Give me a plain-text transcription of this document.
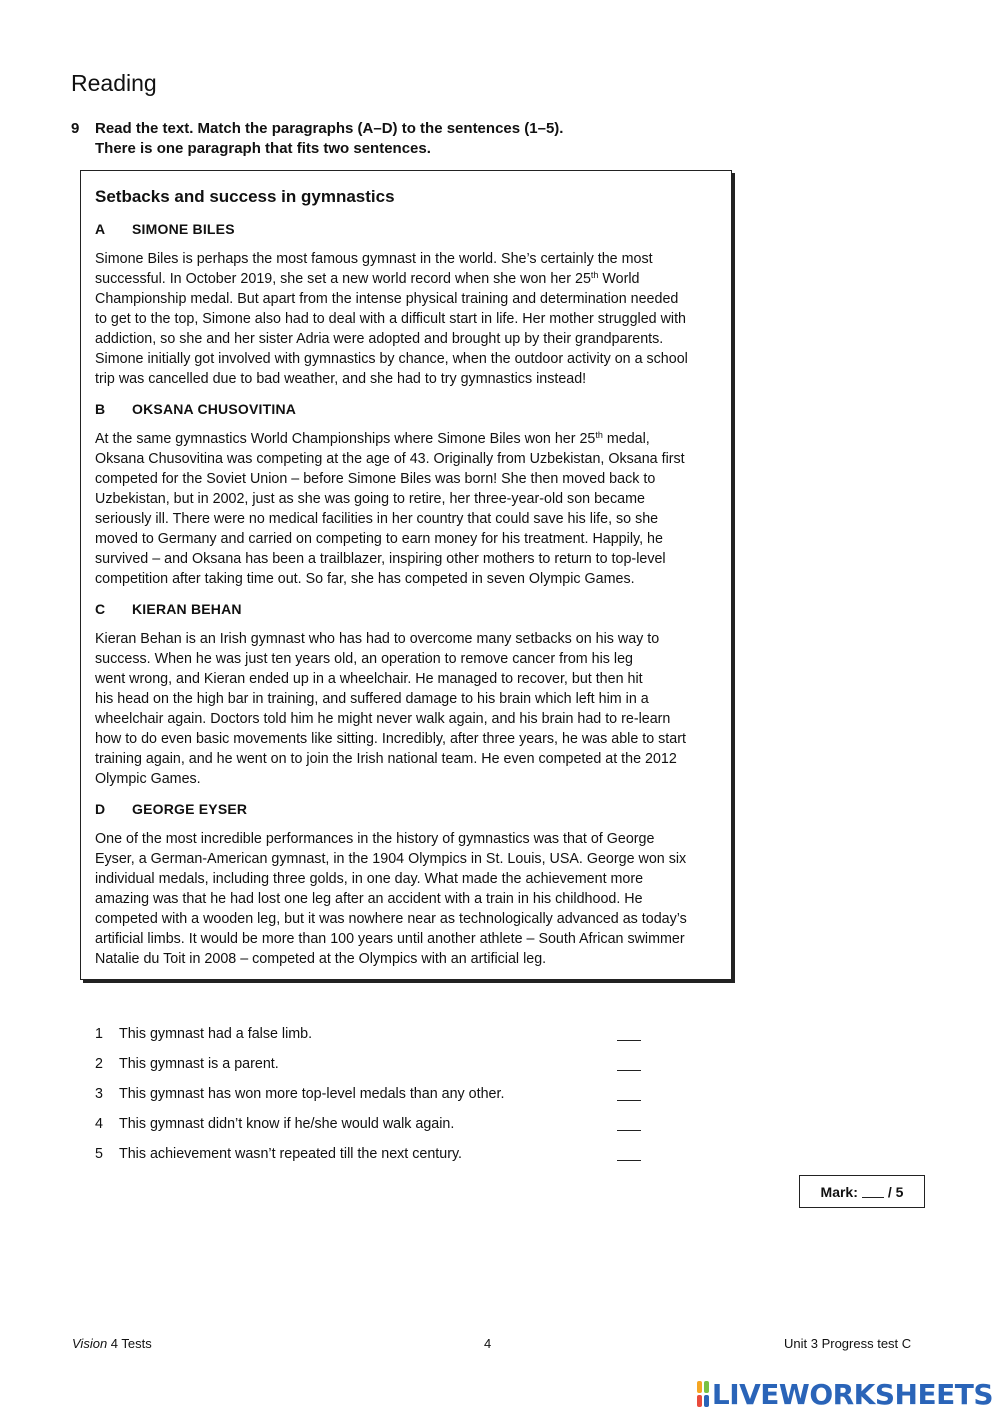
Reading
9 Read the text. Match the paragraphs (A–D) to the sentences (1–5).
There is one paragraph that fits two sentences.
Setbacks and success in gymnastics
A SIMONE BILES
Simone Biles is perhaps the most famous gymnast in the world. She’s certainly the most
successful. In October 2019, she set a new world record when she won her 25th World
Championship medal. But apart from the intense physical training and determination needed
to get to the top, Simone also had to deal with a difficult start in life. Her mother struggled with
addiction, so she and her sister Adria were adopted and brought up by their grandparents.
Simone initially got involved with gymnastics by chance, when the outdoor activity on a school
trip was cancelled due to bad weather, and she had to try gymnastics instead!
B OKSANA CHUSOVITINA
At the same gymnastics World Championships where Simone Biles won her 25th medal,
Oksana Chusovitina was competing at the age of 43. Originally from Uzbekistan, Oksana first
competed for the Soviet Union – before Simone Biles was born! She then moved back to
Uzbekistan, but in 2002, just as she was going to retire, her three-year-old son became
seriously ill. There were no medical facilities in her country that could save his life, so she
moved to Germany and carried on competing to earn money for his treatment. Happily, he
survived – and Oksana has been a trailblazer, inspiring other mothers to return to top-level
competition after taking time out. So far, she has competed in seven Olympic Games.
C KIERAN BEHAN
Kieran Behan is an Irish gymnast who has had to overcome many setbacks on his way to
success. When he was just ten years old, an operation to remove cancer from his leg
went wrong, and Kieran ended up in a wheelchair. He managed to recover, but then hit
his head on the high bar in training, and suffered damage to his brain which left him in a
wheelchair again. Doctors told him he might never walk again, and his brain had to re-learn
how to do even basic movements like sitting. Incredibly, after three years, he was able to start
training again, and he went on to join the Irish national team. He even competed at the 2012
Olympic Games.
D GEORGE EYSER
One of the most incredible performances in the history of gymnastics was that of George
Eyser, a German-American gymnast, in the 1904 Olympics in St. Louis, USA. George won six
individual medals, including three golds, in one day. What made the achievement more
amazing was that he had lost one leg after an accident with a train in his childhood. He
competed with a wooden leg, but it was nowhere near as technologically advanced as today’s
artificial limbs. It would be more than 100 years until another athlete – South African swimmer
Natalie du Toit in 2008 – competed at the Olympics with an artificial leg.
1 This gymnast had a false limb.
2 This gymnast is a parent.
3 This gymnast has won more top-level medals than any other.
4 This gymnast didn’t know if he/she would walk again.
5 This achievement wasn’t repeated till the next century.
Mark: / 5
Vision 4 Tests	4	Unit 3 Progress test C
LIVEWORKSHEETS
